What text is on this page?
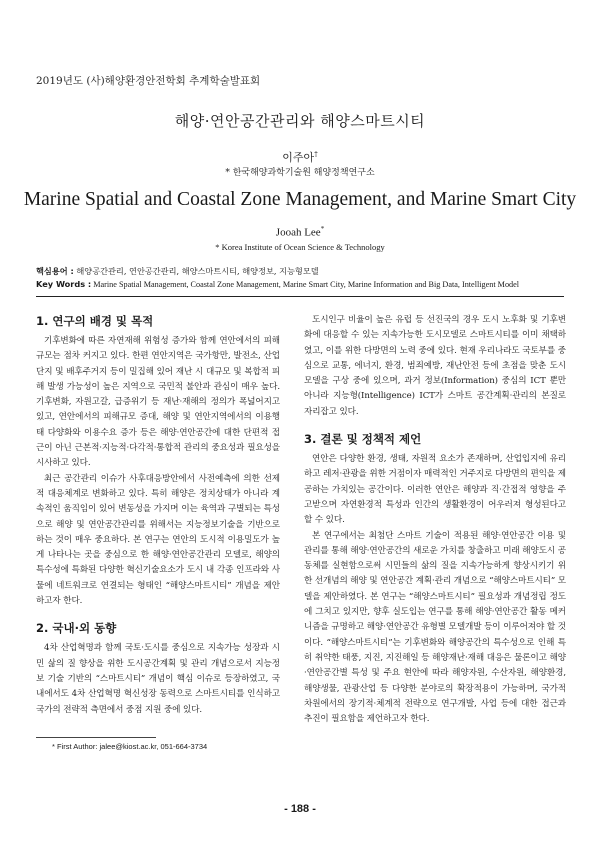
2019년도 (사)해양환경안전학회 추계학술발표회
해양·연안공간관리와 해양스마트시티
이주아†
* 한국해양과학기술원 해양정책연구소
Marine Spatial and Coastal Zone Management, and Marine Smart City
Jooah Lee*
* Korea Institute of Ocean Science & Technology
핵심용어 : 해양공간관리, 연안공간관리, 해양스마트시티, 해양정보, 지능형모델
Key Words : Marine Spatial Management, Coastal Zone Management, Marine Smart City, Marine Information and Big Data, Intelligent Model
1. 연구의 배경 및 목적

기후변화에 따른 자연재해 위험성 증가와 함께 연안에서의 피해규모는 점차 커지고 있다. 한편 연안지역은 국가항만, 발전소, 산업단지 및 배후주거지 등이 밀집해 있어 재난 시 대규모 및 복합적 피해 발생 가능성이 높은 지역으로 국민적 불안과 관심이 매우 높다. 기후변화, 자원고갈, 급증위기 등 재난·재해의 정의가 폭넓어지고 있고, 연안에서의 피해규모 증대, 해양 및 연안지역에서의 이용행태 다양화와 이용수요 증가 등은 해양·연안공간에 대한 단편적 접근이 아닌 근본적·지능적·다각적·통합적 관리의 중요성과 필요성을 시사하고 있다.

최근 공간관리 이슈가 사후대응방안에서 사전예측에 의한 선제적 대응체계로 변화하고 있다. 특히 해양은 정치상태가 아니라 계속적인 움직임이 있어 변동성을 가지며 이는 육역과 구별되는 특성으로 해양 및 연안공간관리를 위해서는 지능정보기술을 기반으로 하는 것이 매우 중요하다. 본 연구는 연안의 도시적 이용밀도가 높게 나타나는 곳을 중심으로 한 해양·연안공간관리 모델로, 해양의 특수성에 특화된 다양한 혁신기술요소가 도시 내 각종 인프라와 사물에 네트워크로 연결되는 형태인 “해양스마트시티” 개념을 제안하고자 한다.

2. 국내·외 동향

4차 산업혁명과 함께 국토·도시를 중심으로 지속가능 성장과 시민 삶의 질 향상을 위한 도시공간계획 및 관리 개념으로서 지능정보 기술 기반의 “스마트시티” 개념이 핵심 이슈로 등장하였고, 국내에서도 4차 산업혁명 혁신성장 동력으로 스마트시티를 인식하고 국가의 전략적 측면에서 중점 지원 중에 있다.

도시인구 비율이 높은 유럽 등 선진국의 경우 도시 노후화 및 기후변화에 대응할 수 있는 지속가능한 도시모델로 스마트시티를 이미 채택하였고, 이를 위한 다방면의 노력 중에 있다. 현재 우리나라도 국토부를 중심으로 교통, 에너지, 환경, 범죄예방, 재난안전 등에 초점을 맞춘 도시모델을 구상 중에 있으며, 과거 정보(Information) 중심의 ICT 뿐만 아니라 지능형(Intelligence) ICT가 스마트 공간계획·관리의 본질로 자리잡고 있다.

3. 결론 및 정책적 제언

연안은 다양한 환경, 생태, 자원적 요소가 존재하며, 산업입지에 유리하고 레저·관광을 위한 거점이자 매력적인 거주지로 다방면의 편익을 제공하는 가치있는 공간이다. 이러한 연안은 해양과 직·간접적 영향을 주고받으며 자연환경적 특성과 인간의 생활환경이 어우러져 형성된다고 할 수 있다.

본 연구에서는 최첨단 스마트 기술이 적용된 해양·연안공간 이용 및 관리를 통해 해양·연안공간의 새로운 가치를 창출하고 미래 해양도시 공동체를 실현함으로써 시민들의 삶의 질을 지속가능하게 향상시키기 위한 선개념의 해양 및 연안공간 계획·관리 개념으로 “해양스마트시티” 모델을 제안하였다. 본 연구는 “해양스마트시티” 필요성과 개념정립 정도에 그치고 있지만, 향후 실도입는 연구를 통해 해양·연안공간 활동 메커니즘을 규명하고 해양·연안공간 유형별 모델개발 등이 이루어져야 할 것이다. “해양스마트시티”는 기후변화와 해양공간의 특수성으로 인해 특히 취약한 태풍, 지진, 지진해일 등 해양재난·재해 대응은 물론이고 해양·연안공간별 특성 및 주요 현안에 따라 해양자원, 수산자원, 해양환경, 해양생물, 관광산업 등 다양한 분야로의 확장적용이 가능하며, 국가적 차원에서의 장기적·체계적 전략으로 연구개발, 사업 등에 대한 접근과 추진이 필요함을 제언하고자 한다.

* First Author: jalee@kiost.ac.kr, 051-664-3734
- 188 -
